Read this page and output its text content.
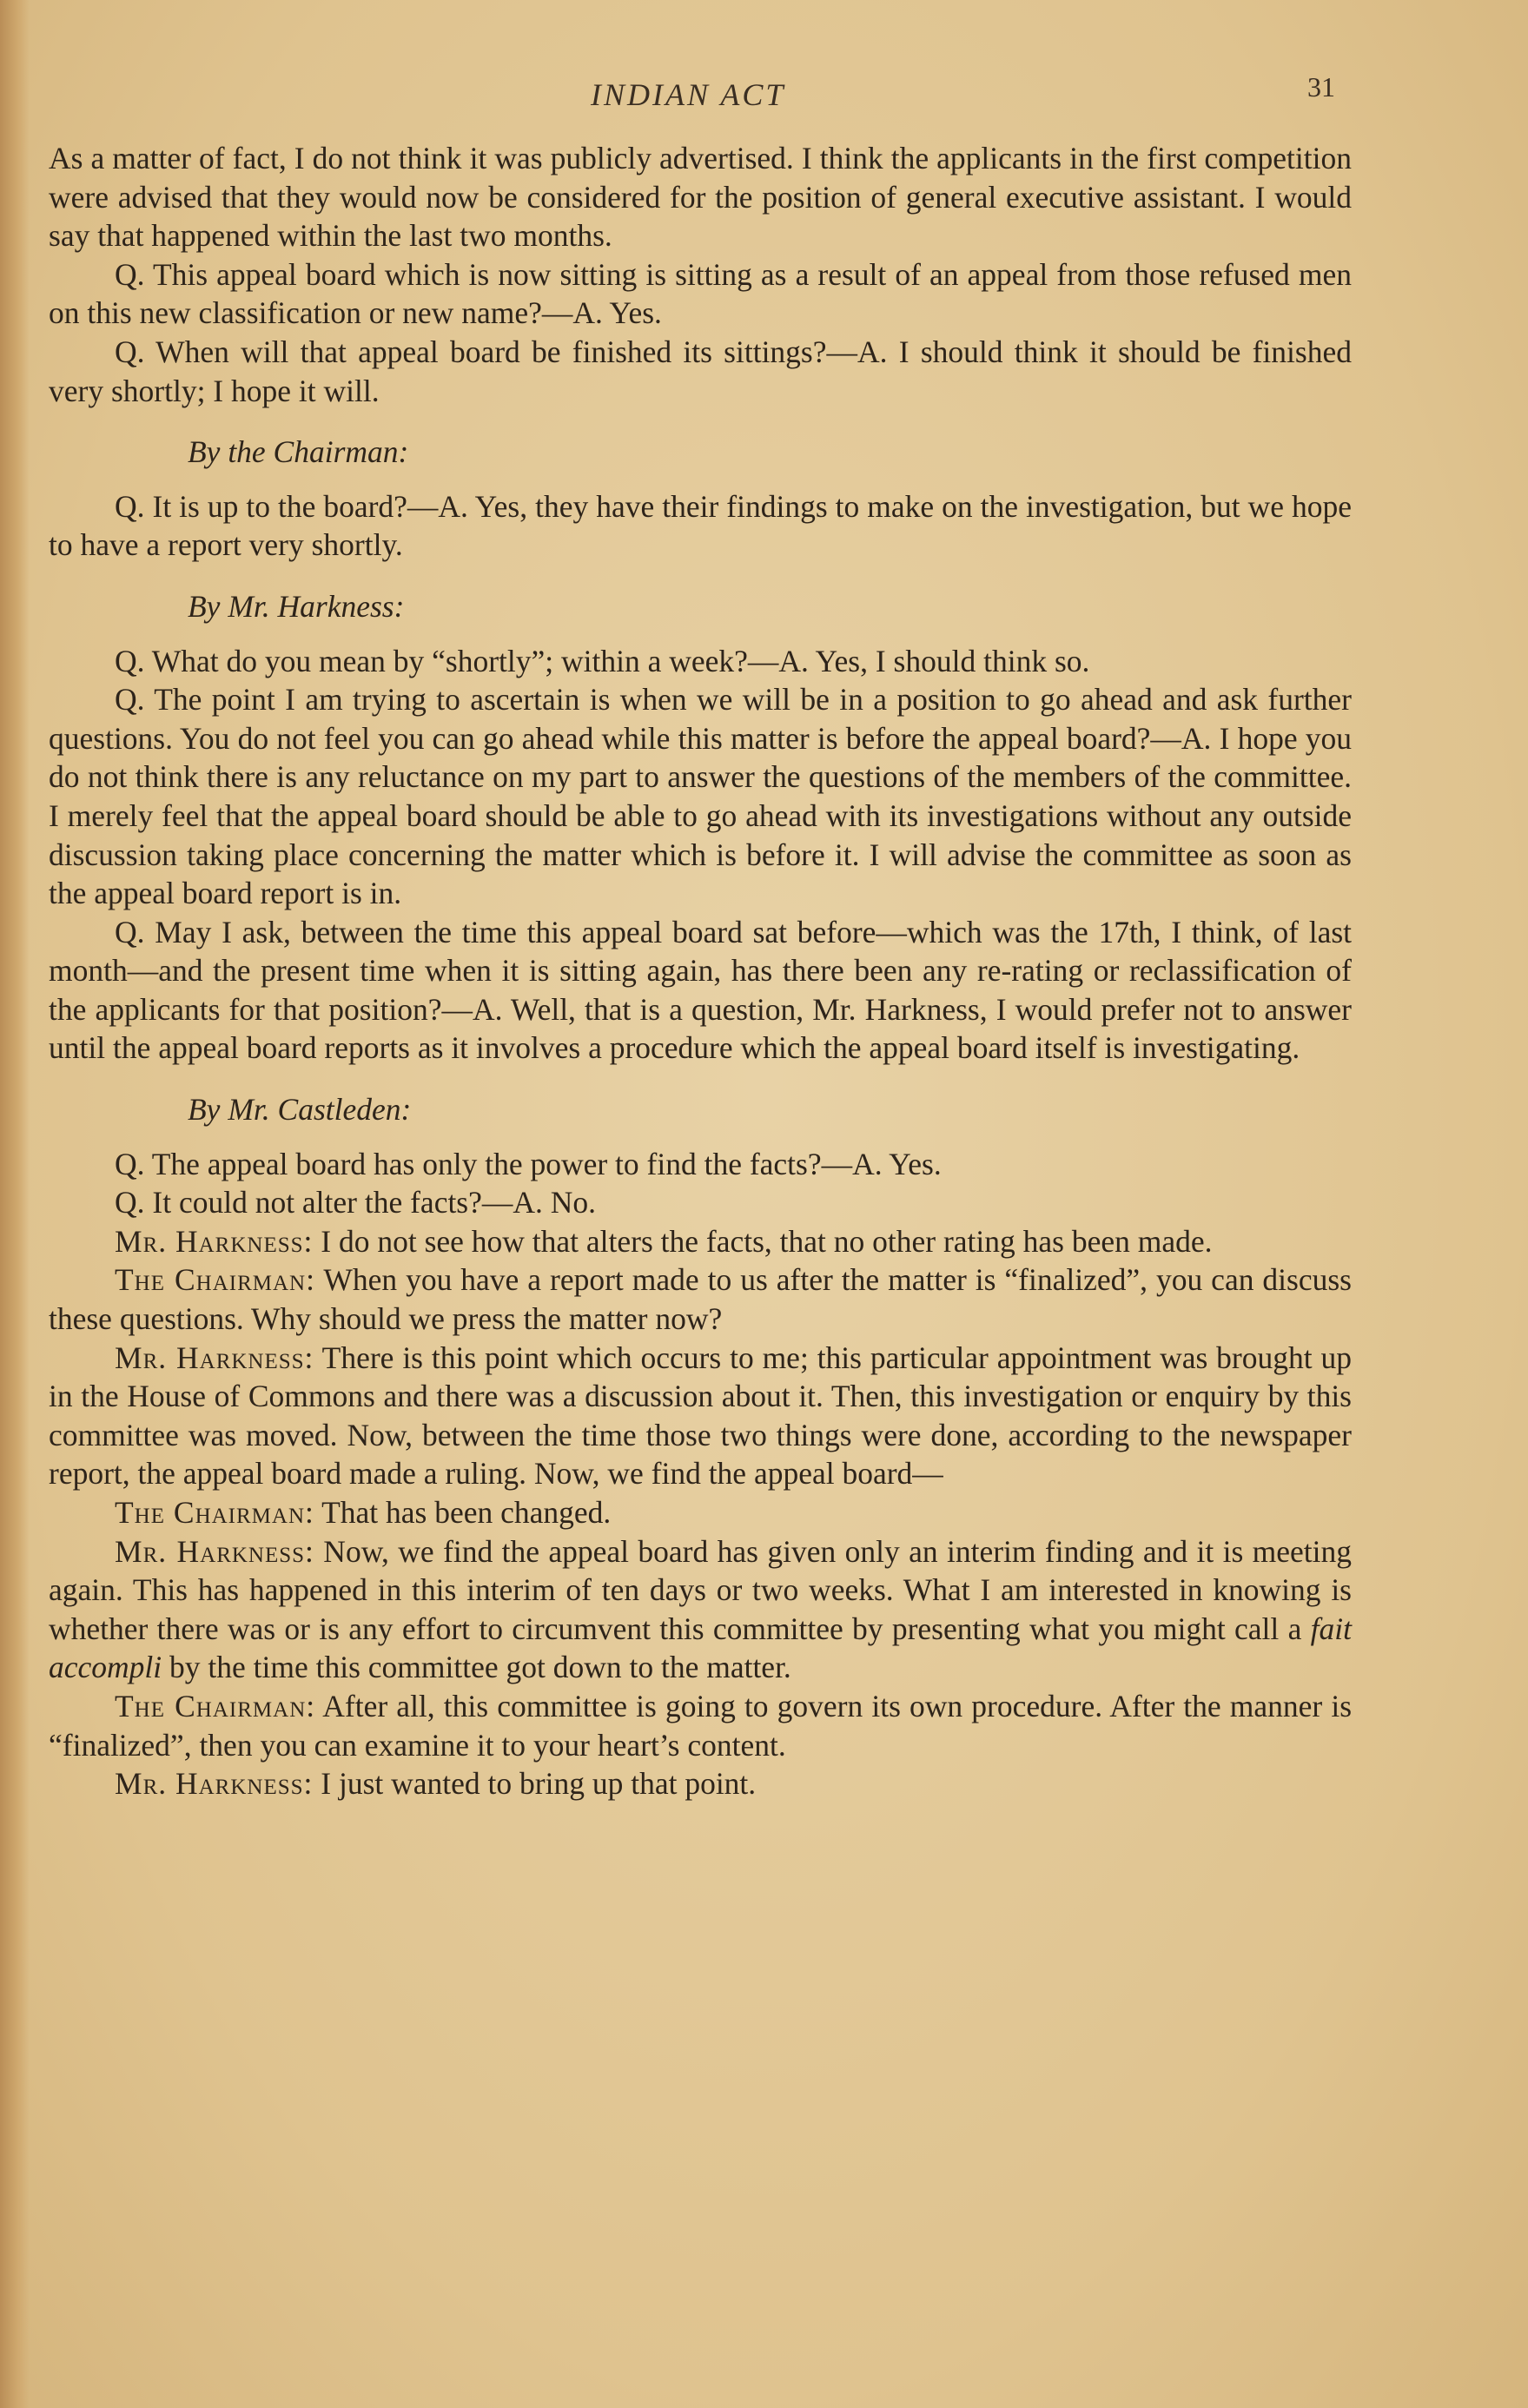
INDIAN ACT	31

As a matter of fact, I do not think it was publicly advertised. I think the applicants in the first competition were advised that they would now be considered for the position of general executive assistant. I would say that happened within the last two months.

Q. This appeal board which is now sitting is sitting as a result of an appeal from those refused men on this new classification or new name?—A. Yes.

Q. When will that appeal board be finished its sittings?—A. I should think it should be finished very shortly; I hope it will.

By the Chairman:

Q. It is up to the board?—A. Yes, they have their findings to make on the investigation, but we hope to have a report very shortly.

By Mr. Harkness:

Q. What do you mean by “shortly”; within a week?—A. Yes, I should think so.

Q. The point I am trying to ascertain is when we will be in a position to go ahead and ask further questions. You do not feel you can go ahead while this matter is before the appeal board?—A. I hope you do not think there is any reluctance on my part to answer the questions of the members of the committee. I merely feel that the appeal board should be able to go ahead with its investigations without any outside discussion taking place concerning the matter which is before it. I will advise the committee as soon as the appeal board report is in.

Q. May I ask, between the time this appeal board sat before—which was the 17th, I think, of last month—and the present time when it is sitting again, has there been any re-rating or reclassification of the applicants for that position?—A. Well, that is a question, Mr. Harkness, I would prefer not to answer until the appeal board reports as it involves a procedure which the appeal board itself is investigating.

By Mr. Castleden:

Q. The appeal board has only the power to find the facts?—A. Yes.

Q. It could not alter the facts?—A. No.

Mr. Harkness: I do not see how that alters the facts, that no other rating has been made.

The Chairman: When you have a report made to us after the matter is “finalized”, you can discuss these questions. Why should we press the matter now?

Mr. Harkness: There is this point which occurs to me; this particular appointment was brought up in the House of Commons and there was a discussion about it. Then, this investigation or enquiry by this committee was moved. Now, between the time those two things were done, according to the newspaper report, the appeal board made a ruling. Now, we find the appeal board—

The Chairman: That has been changed.

Mr. Harkness: Now, we find the appeal board has given only an interim finding and it is meeting again. This has happened in this interim of ten days or two weeks. What I am interested in knowing is whether there was or is any effort to circumvent this committee by presenting what you might call a fait accompli by the time this committee got down to the matter.

The Chairman: After all, this committee is going to govern its own procedure. After the manner is “finalized”, then you can examine it to your heart’s content.

Mr. Harkness: I just wanted to bring up that point.
